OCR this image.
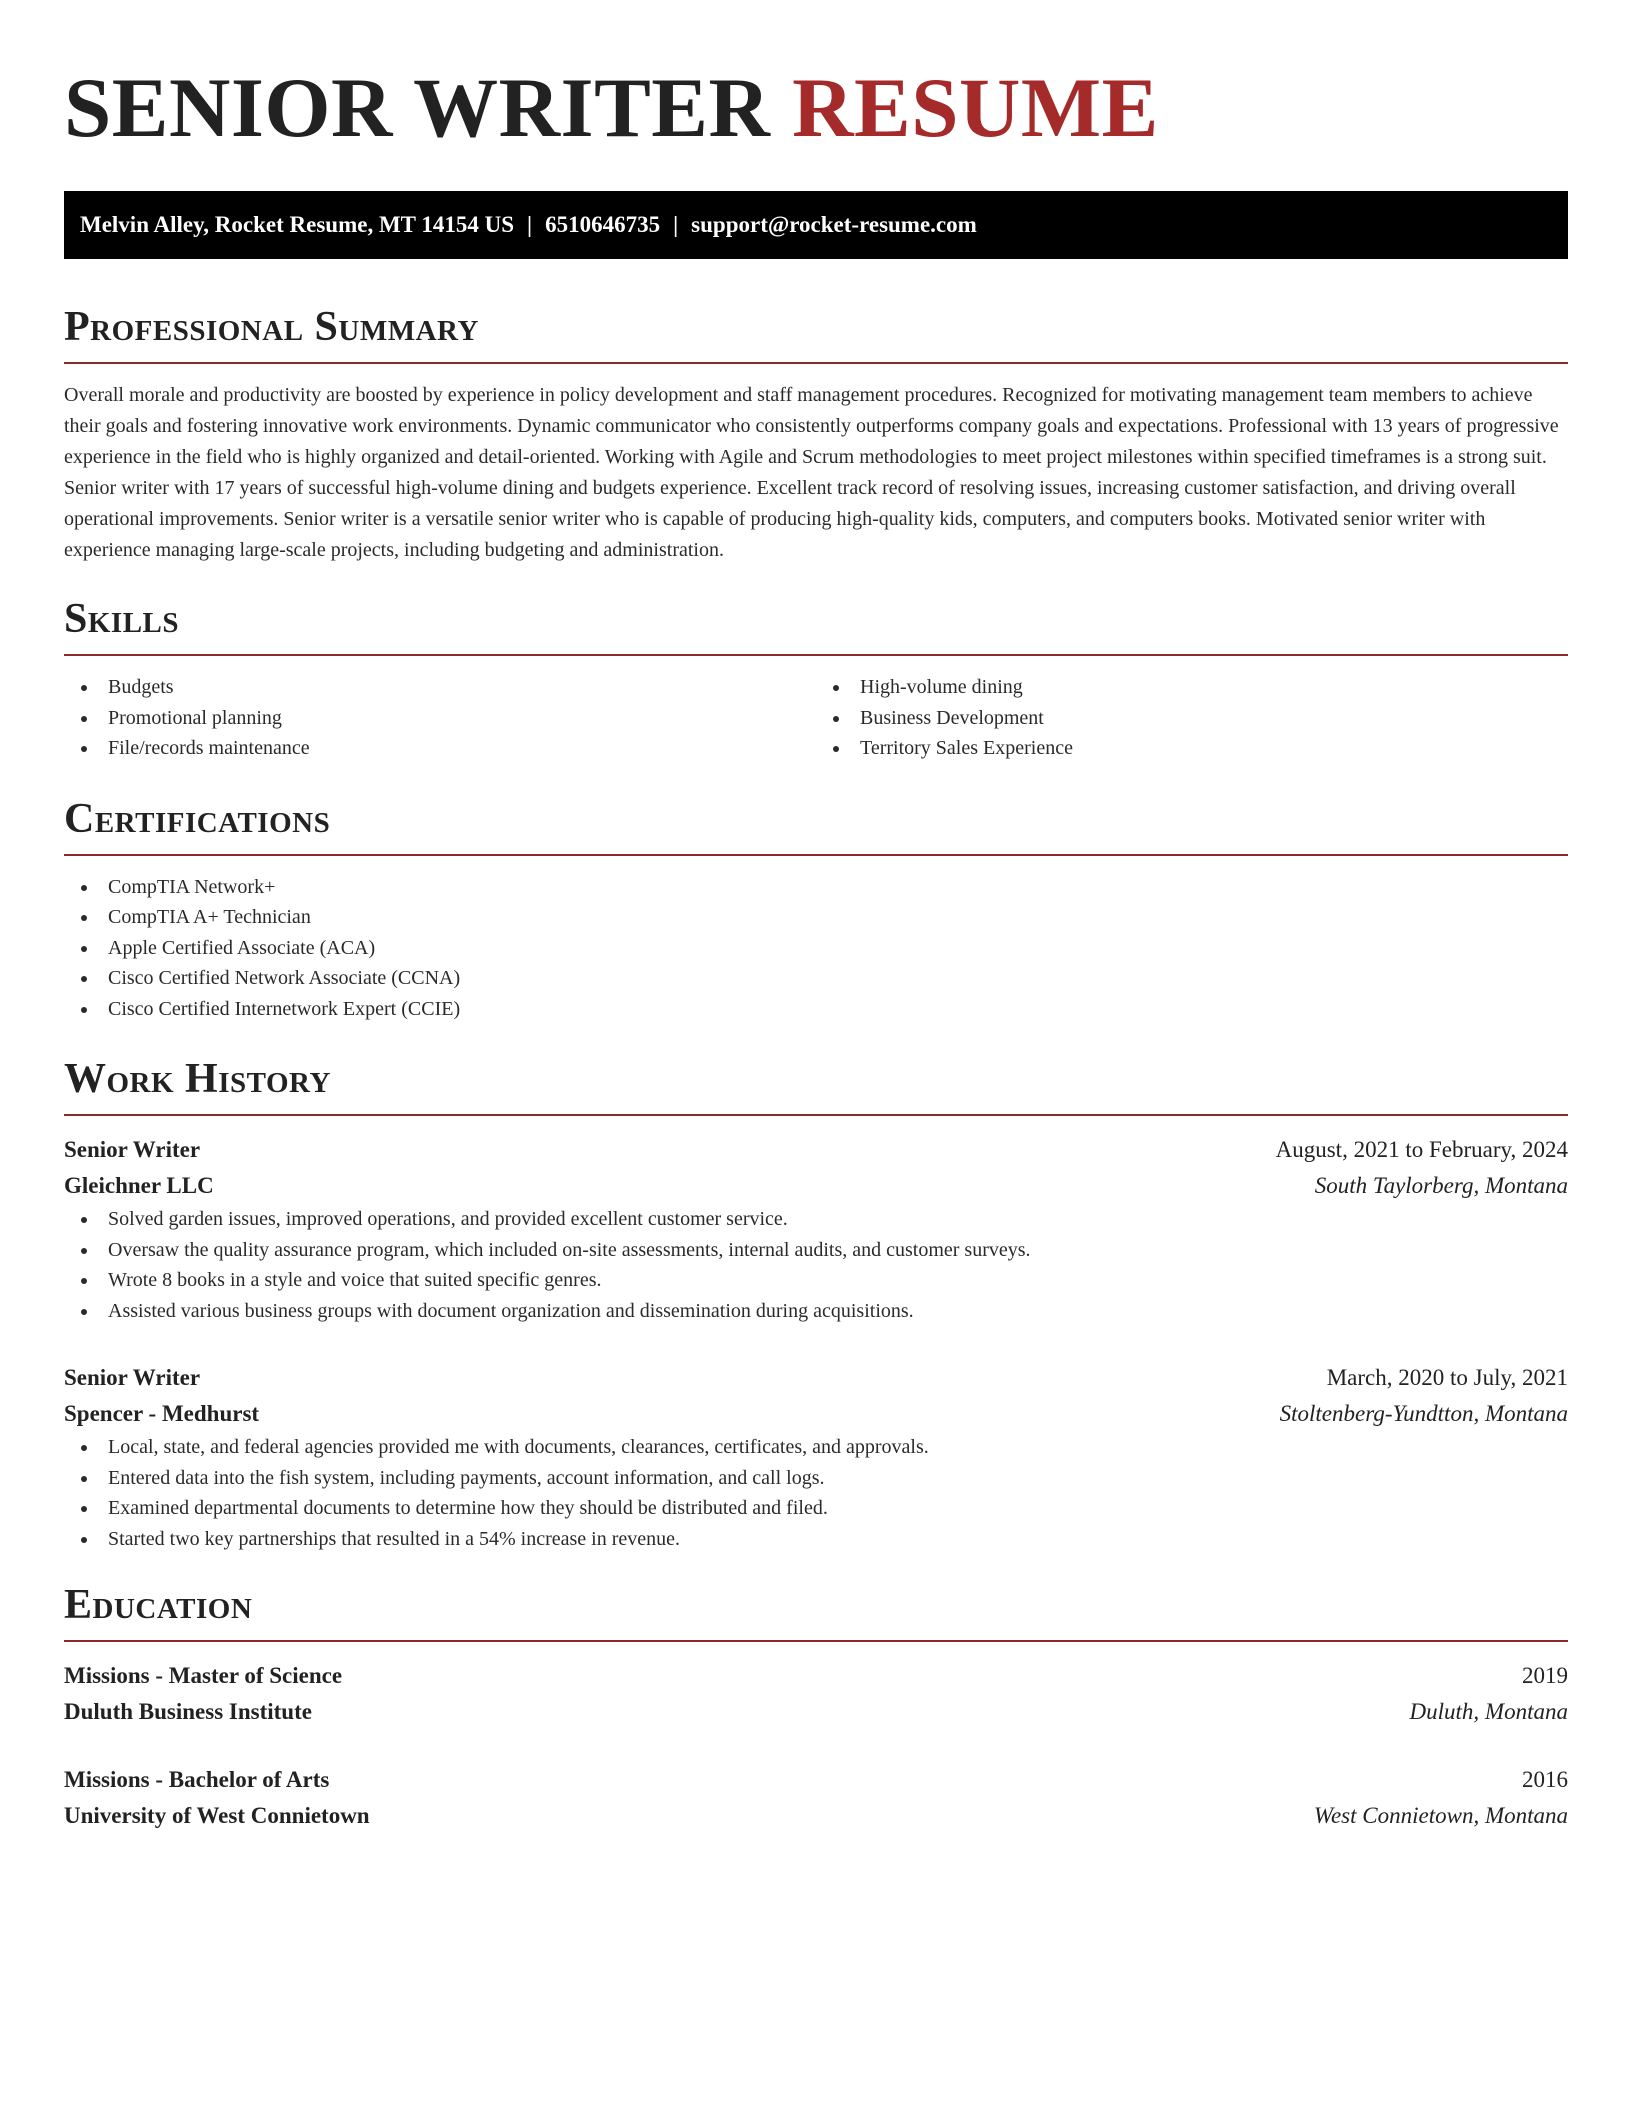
SENIOR WRITER RESUME
Melvin Alley, Rocket Resume, MT 14154 US | 6510646735 | support@rocket-resume.com
Professional Summary

Overall morale and productivity are boosted by experience in policy development and staff management procedures. Recognized for motivating management team members to achieve their goals and fostering innovative work environments. Dynamic communicator who consistently outperforms company goals and expectations. Professional with 13 years of progressive experience in the field who is highly organized and detail-oriented. Working with Agile and Scrum methodologies to meet project milestones within specified timeframes is a strong suit. Senior writer with 17 years of successful high-volume dining and budgets experience. Excellent track record of resolving issues, increasing customer satisfaction, and driving overall operational improvements. Senior writer is a versatile senior writer who is capable of producing high-quality kids, computers, and computers books. Motivated senior writer with experience managing large-scale projects, including budgeting and administration.

Skills
Budgets
Promotional planning
File/records maintenance
High-volume dining
Business Development
Territory Sales Experience
Certifications
CompTIA Network+
CompTIA A+ Technician
Apple Certified Associate (ACA)
Cisco Certified Network Associate (CCNA)
Cisco Certified Internetwork Expert (CCIE)
Work History
Senior Writer	August, 2021 to February, 2024
Gleichner LLC	South Taylorberg, Montana
Solved garden issues, improved operations, and provided excellent customer service.
Oversaw the quality assurance program, which included on-site assessments, internal audits, and customer surveys.
Wrote 8 books in a style and voice that suited specific genres.
Assisted various business groups with document organization and dissemination during acquisitions.
Senior Writer	March, 2020 to July, 2021
Spencer - Medhurst	Stoltenberg-Yundtton, Montana
Local, state, and federal agencies provided me with documents, clearances, certificates, and approvals.
Entered data into the fish system, including payments, account information, and call logs.
Examined departmental documents to determine how they should be distributed and filed.
Started two key partnerships that resulted in a 54% increase in revenue.
Education
Missions - Master of Science	2019
Duluth Business Institute	Duluth, Montana
Missions - Bachelor of Arts	2016
University of West Connietown	West Connietown, Montana
